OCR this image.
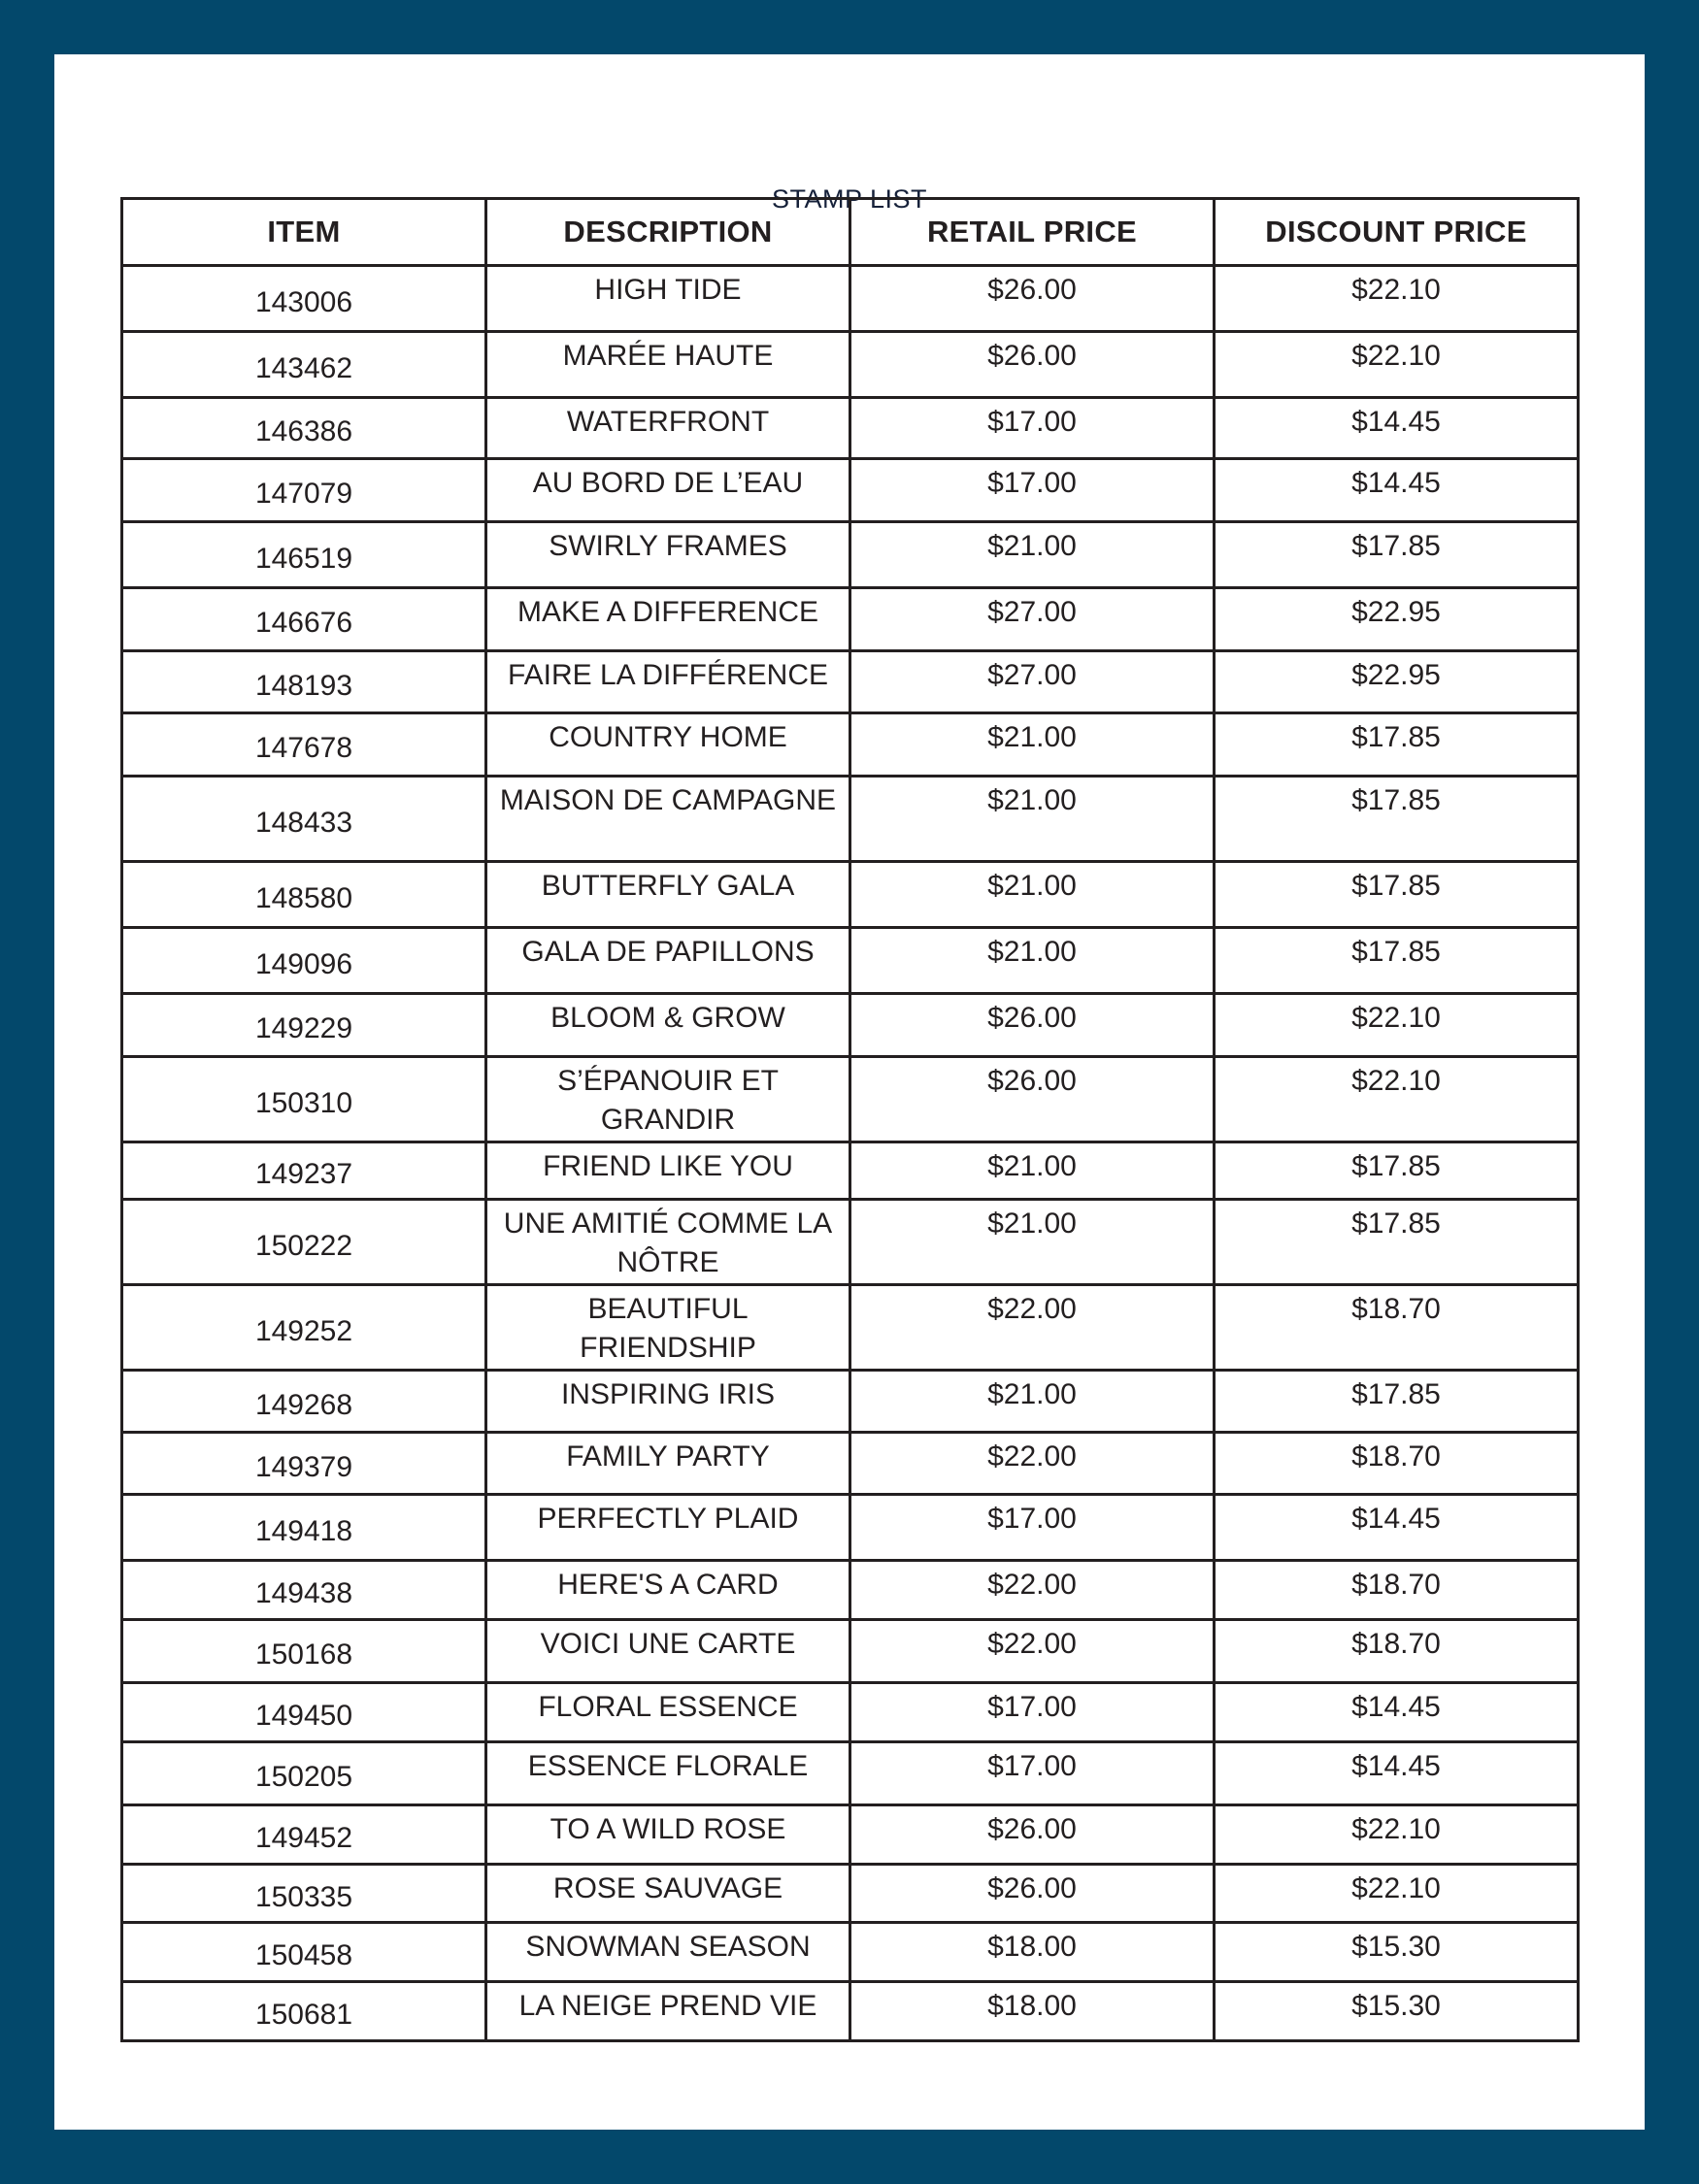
STAMP LIST
ITEM	DESCRIPTION	RETAIL PRICE	DISCOUNT PRICE
143006	HIGH TIDE	$26.00	$22.10
143462	MARÉE HAUTE	$26.00	$22.10
146386	WATERFRONT	$17.00	$14.45
147079	AU BORD DE L’EAU	$17.00	$14.45
146519	SWIRLY FRAMES	$21.00	$17.85
146676	MAKE A DIFFERENCE	$27.00	$22.95
148193	FAIRE LA DIFFÉRENCE	$27.00	$22.95
147678	COUNTRY HOME	$21.00	$17.85
148433	MAISON DE CAMPAGNE	$21.00	$17.85
148580	BUTTERFLY GALA	$21.00	$17.85
149096	GALA DE PAPILLONS	$21.00	$17.85
149229	BLOOM & GROW	$26.00	$22.10
150310	S’ÉPANOUIR ET GRANDIR	$26.00	$22.10
149237	FRIEND LIKE YOU	$21.00	$17.85
150222	UNE AMITIÉ COMME LA NÔTRE	$21.00	$17.85
149252	BEAUTIFUL FRIENDSHIP	$22.00	$18.70
149268	INSPIRING IRIS	$21.00	$17.85
149379	FAMILY PARTY	$22.00	$18.70
149418	PERFECTLY PLAID	$17.00	$14.45
149438	HERE'S A CARD	$22.00	$18.70
150168	VOICI UNE CARTE	$22.00	$18.70
149450	FLORAL ESSENCE	$17.00	$14.45
150205	ESSENCE FLORALE	$17.00	$14.45
149452	TO A WILD ROSE	$26.00	$22.10
150335	ROSE SAUVAGE	$26.00	$22.10
150458	SNOWMAN SEASON	$18.00	$15.30
150681	LA NEIGE PREND VIE	$18.00	$15.30
